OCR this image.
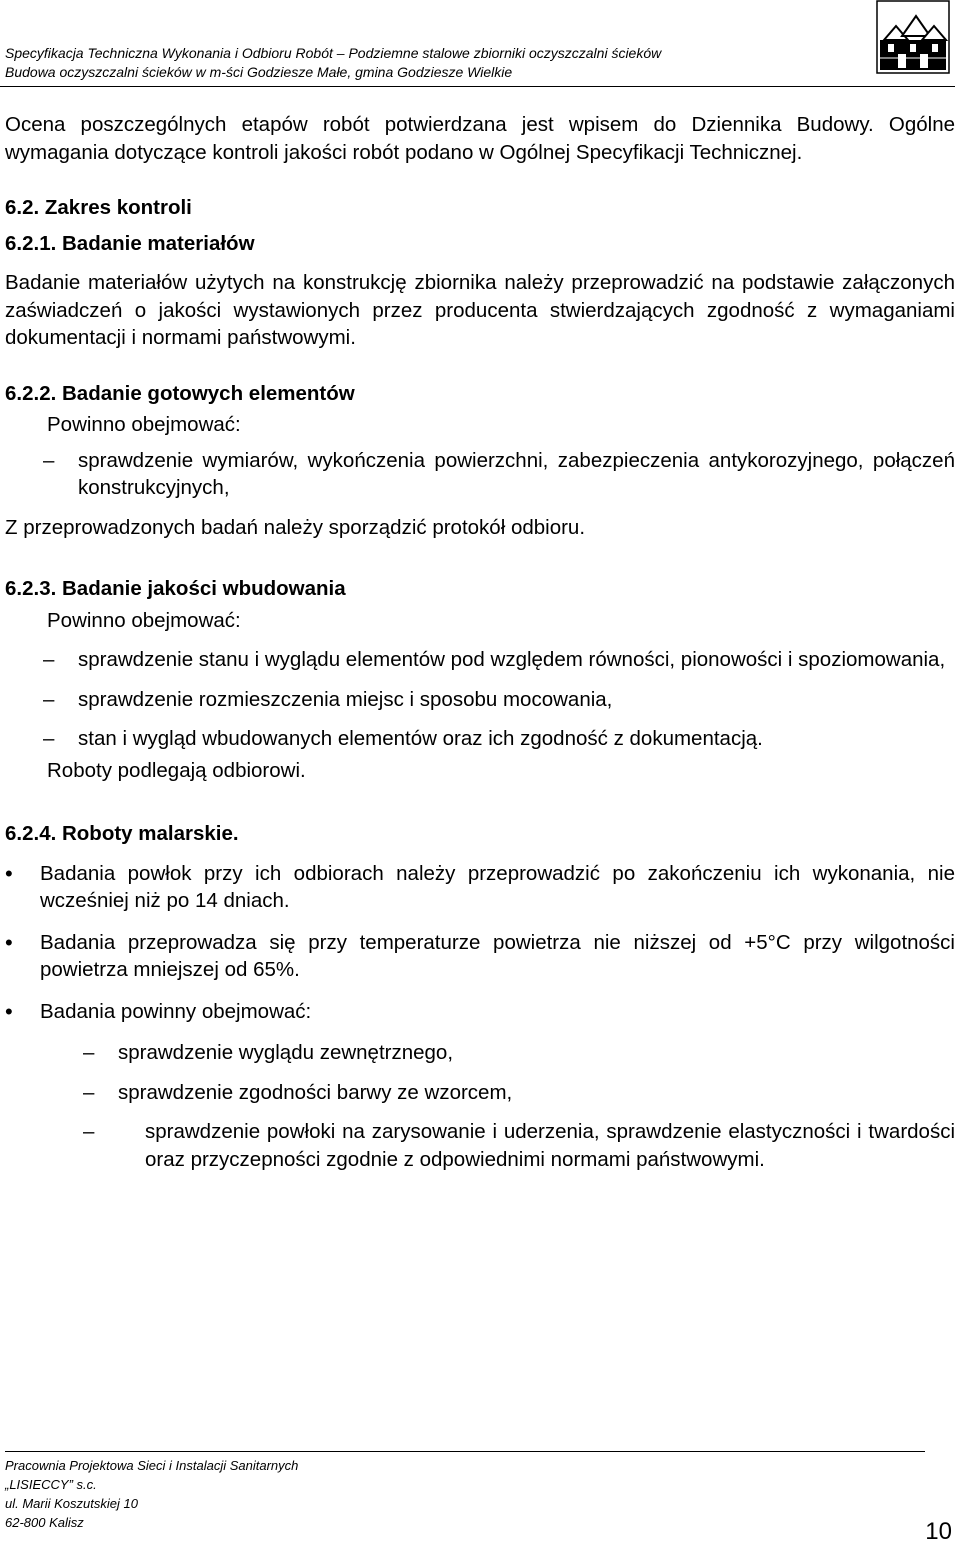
Specyfikacja Techniczna Wykonania i Odbioru Robót – Podziemne stalowe zbiorniki oczyszczalni ścieków
Budowa oczyszczalni ścieków w m-ści Godziesze Małe, gmina Godziesze Wielkie
Ocena poszczególnych etapów robót potwierdzana jest wpisem do Dziennika Budowy. Ogólne wymagania dotyczące kontroli jakości robót podano w Ogólnej Specyfikacji Technicznej.
6.2. Zakres kontroli
6.2.1. Badanie materiałów
Badanie materiałów użytych na konstrukcję zbiornika należy przeprowadzić na podstawie załączonych zaświadczeń o jakości wystawionych przez producenta stwierdzających zgodność z wymaganiami dokumentacji i normami państwowymi.
6.2.2. Badanie gotowych elementów
Powinno obejmować:
–	sprawdzenie wymiarów, wykończenia powierzchni, zabezpieczenia antykorozyjnego, połączeń konstrukcyjnych,
Z przeprowadzonych badań należy sporządzić protokół odbioru.
6.2.3. Badanie jakości wbudowania
Powinno obejmować:
–	sprawdzenie stanu i wyglądu elementów pod względem równości, pionowości i spoziomowania,
–	sprawdzenie rozmieszczenia miejsc i sposobu mocowania,
–	stan i wygląd wbudowanych elementów oraz ich zgodność z dokumentacją.
Roboty podlegają odbiorowi.
6.2.4. Roboty malarskie.
• Badania powłok przy ich odbiorach należy przeprowadzić po zakończeniu ich wykonania, nie wcześniej niż po 14 dniach.
• Badania przeprowadza się przy temperaturze powietrza nie niższej od +5°C przy wilgotności powietrza mniejszej od 65%.
• Badania powinny obejmować:
–	sprawdzenie wyglądu zewnętrznego,
–	sprawdzenie zgodności barwy ze wzorcem,
–	sprawdzenie powłoki na zarysowanie i uderzenia, sprawdzenie elastyczności i twardości oraz przyczepności zgodnie z odpowiednimi normami państwowymi.
Pracownia Projektowa Sieci i Instalacji Sanitarnych
„LISIECCY” s.c.
ul. Marii Koszutskiej 10
62-800 Kalisz	10
